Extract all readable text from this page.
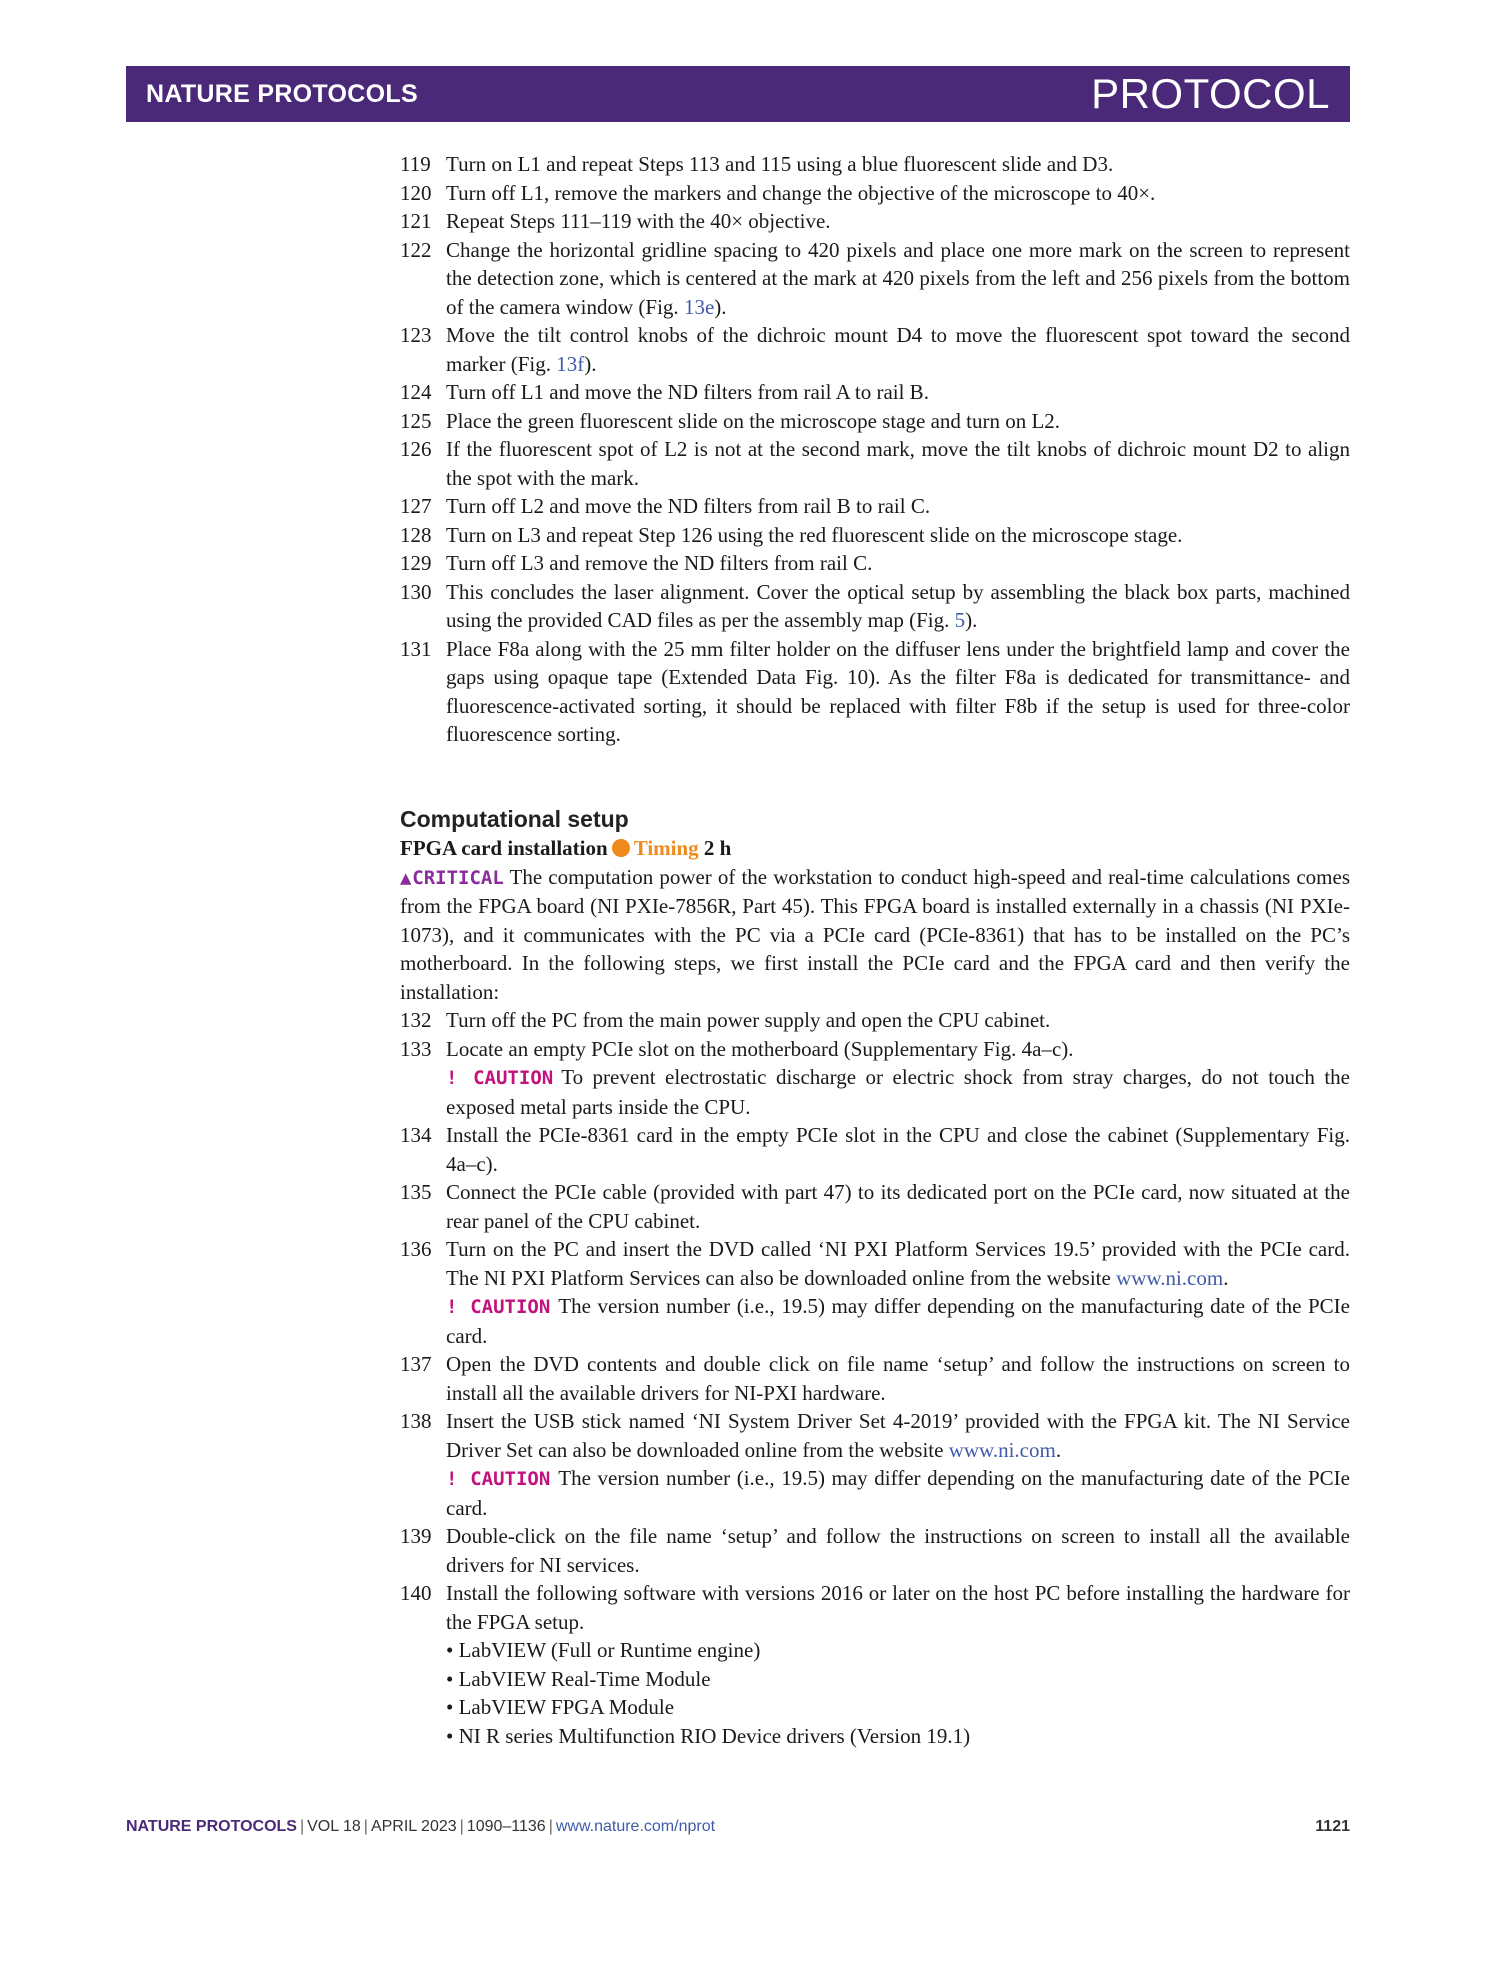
NATURE PROTOCOLS	PROTOCOL
119 Turn on L1 and repeat Steps 113 and 115 using a blue fluorescent slide and D3.
120 Turn off L1, remove the markers and change the objective of the microscope to 40×.
121 Repeat Steps 111–119 with the 40× objective.
122 Change the horizontal gridline spacing to 420 pixels and place one more mark on the screen to represent the detection zone, which is centered at the mark at 420 pixels from the left and 256 pixels from the bottom of the camera window (Fig. 13e).
123 Move the tilt control knobs of the dichroic mount D4 to move the fluorescent spot toward the second marker (Fig. 13f).
124 Turn off L1 and move the ND filters from rail A to rail B.
125 Place the green fluorescent slide on the microscope stage and turn on L2.
126 If the fluorescent spot of L2 is not at the second mark, move the tilt knobs of dichroic mount D2 to align the spot with the mark.
127 Turn off L2 and move the ND filters from rail B to rail C.
128 Turn on L3 and repeat Step 126 using the red fluorescent slide on the microscope stage.
129 Turn off L3 and remove the ND filters from rail C.
130 This concludes the laser alignment. Cover the optical setup by assembling the black box parts, machined using the provided CAD files as per the assembly map (Fig. 5).
131 Place F8a along with the 25 mm filter holder on the diffuser lens under the brightfield lamp and cover the gaps using opaque tape (Extended Data Fig. 10). As the filter F8a is dedicated for transmittance- and fluorescence-activated sorting, it should be replaced with filter F8b if the setup is used for three-color fluorescence sorting.
Computational setup
FPGA card installation Timing 2 h
▲CRITICAL The computation power of the workstation to conduct high-speed and real-time calculations comes from the FPGA board (NI PXIe-7856R, Part 45). This FPGA board is installed externally in a chassis (NI PXIe-1073), and it communicates with the PC via a PCIe card (PCIe-8361) that has to be installed on the PC’s motherboard. In the following steps, we first install the PCIe card and the FPGA card and then verify the installation:
132 Turn off the PC from the main power supply and open the CPU cabinet.
133 Locate an empty PCIe slot on the motherboard (Supplementary Fig. 4a–c).
! CAUTION To prevent electrostatic discharge or electric shock from stray charges, do not touch the exposed metal parts inside the CPU.
134 Install the PCIe-8361 card in the empty PCIe slot in the CPU and close the cabinet (Supplementary Fig. 4a–c).
135 Connect the PCIe cable (provided with part 47) to its dedicated port on the PCIe card, now situated at the rear panel of the CPU cabinet.
136 Turn on the PC and insert the DVD called ‘NI PXI Platform Services 19.5’ provided with the PCIe card. The NI PXI Platform Services can also be downloaded online from the website www.ni.com.
! CAUTION The version number (i.e., 19.5) may differ depending on the manufacturing date of the PCIe card.
137 Open the DVD contents and double click on file name ‘setup’ and follow the instructions on screen to install all the available drivers for NI-PXI hardware.
138 Insert the USB stick named ‘NI System Driver Set 4-2019’ provided with the FPGA kit. The NI Service Driver Set can also be downloaded online from the website www.ni.com.
! CAUTION The version number (i.e., 19.5) may differ depending on the manufacturing date of the PCIe card.
139 Double-click on the file name ‘setup’ and follow the instructions on screen to install all the available drivers for NI services.
140 Install the following software with versions 2016 or later on the host PC before installing the hardware for the FPGA setup.
• LabVIEW (Full or Runtime engine)
• LabVIEW Real-Time Module
• LabVIEW FPGA Module
• NI R series Multifunction RIO Device drivers (Version 19.1)
NATURE PROTOCOLS | VOL 18 | APRIL 2023 | 1090–1136 | www.nature.com/nprot	1121
